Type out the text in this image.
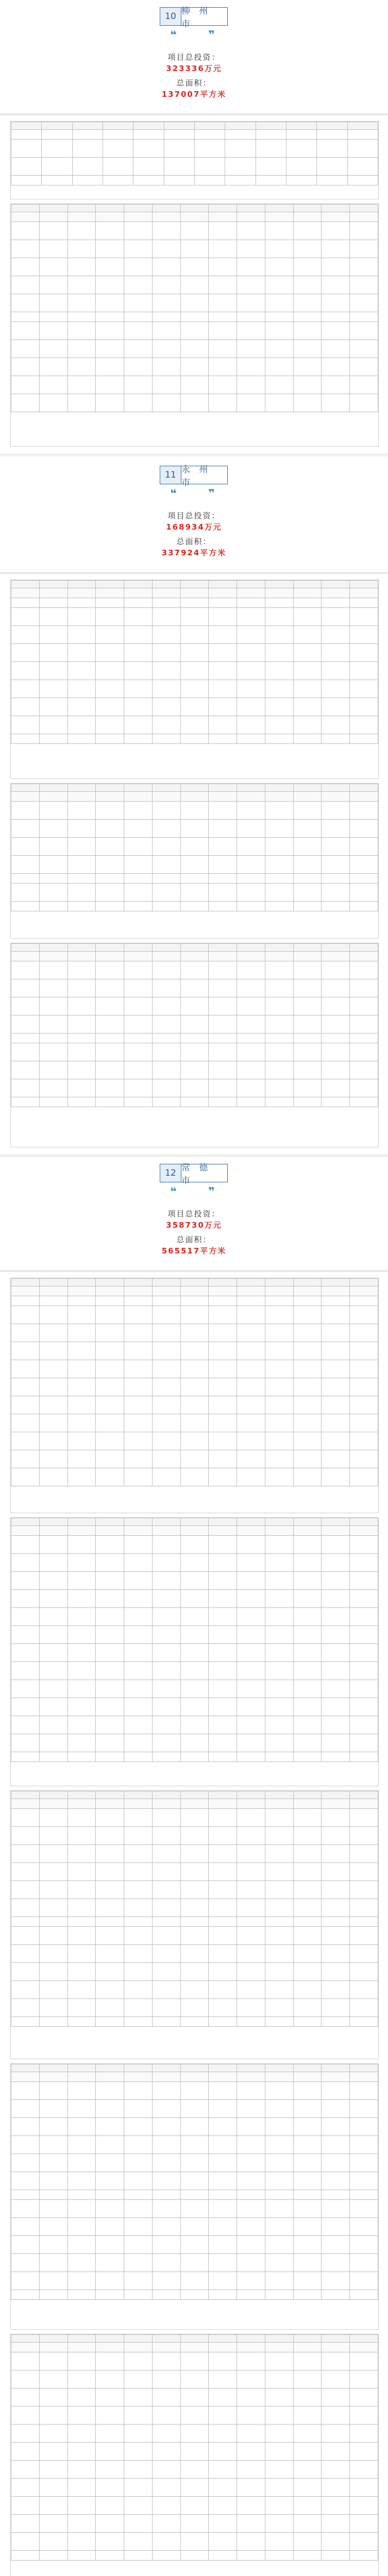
10 柳 州 市
❝	❞
项目总投资：
323336万元
总面积：
137007平方米

11 永 州 市
❝	❞
项目总投资：
168934万元
总面积：
337924平方米

12 常 德 市
❝	❞
项目总投资：
358730万元
总面积：
565517平方米
